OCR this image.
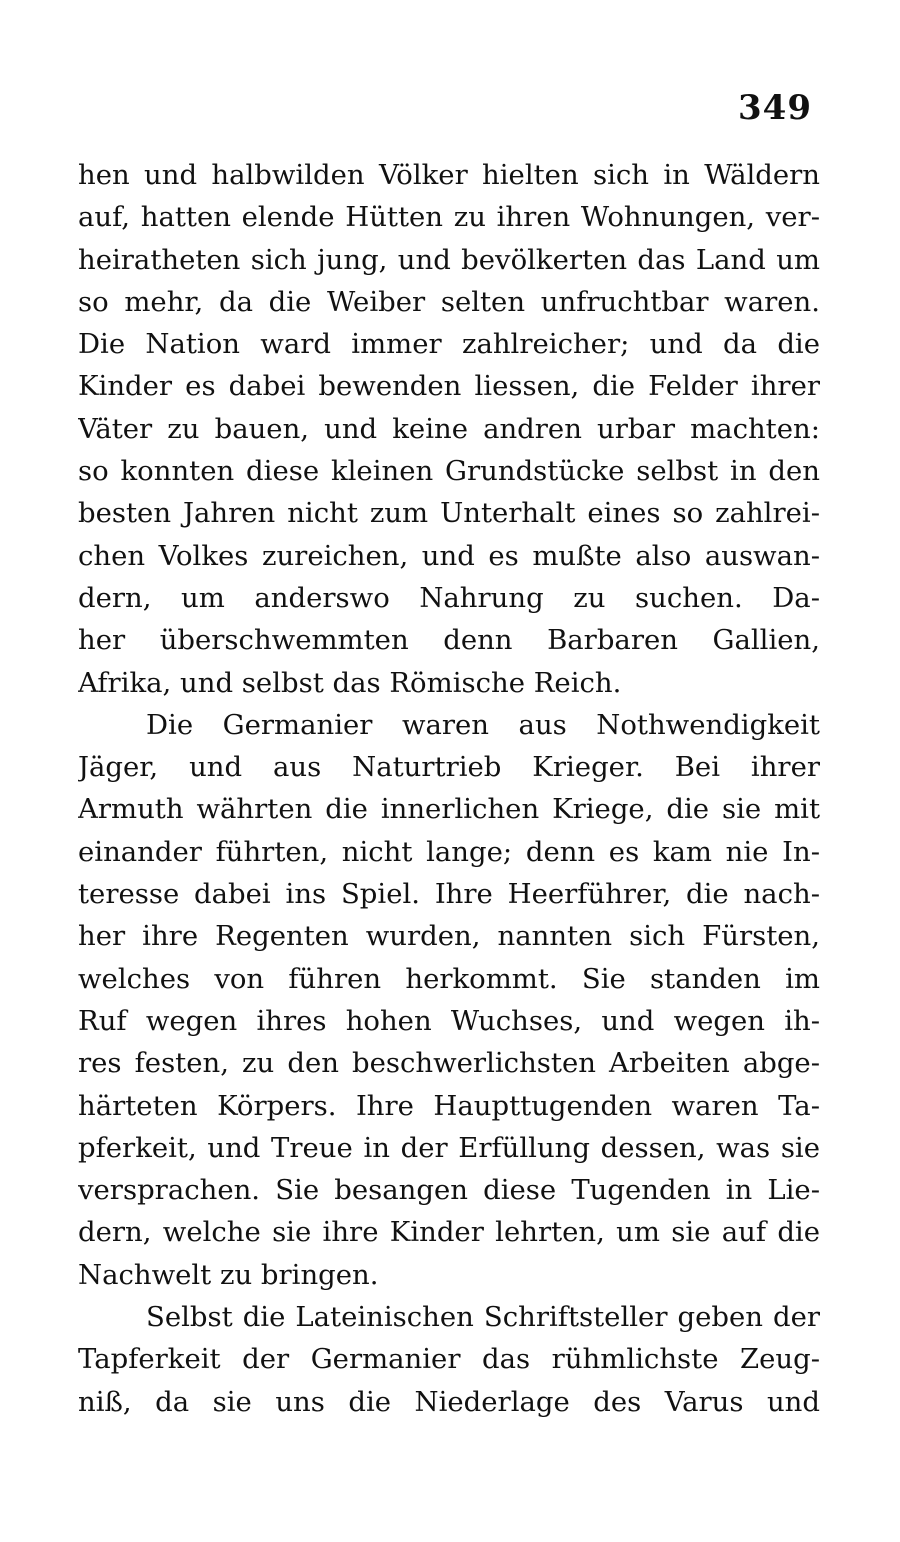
349
hen und halbwilden Völker hielten sich in Wäldern
auf, hatten elende Hütten zu ihren Wohnungen, ver-
heiratheten sich jung, und bevölkerten das Land um
so mehr, da die Weiber selten unfruchtbar waren.
Die Nation ward immer zahlreicher; und da die
Kinder es dabei bewenden liessen, die Felder ihrer
Väter zu bauen, und keine andren urbar machten:
so konnten diese kleinen Grundstücke selbst in den
besten Jahren nicht zum Unterhalt eines so zahlrei-
chen Volkes zureichen, und es mußte also auswan-
dern, um anderswo Nahrung zu suchen. Da-
her überschwemmten denn Barbaren Gallien,
Afrika, und selbst das Römische Reich.
Die Germanier waren aus Nothwendigkeit
Jäger, und aus Naturtrieb Krieger. Bei ihrer
Armuth währten die innerlichen Kriege, die sie mit
einander führten, nicht lange; denn es kam nie In-
teresse dabei ins Spiel. Ihre Heerführer, die nach-
her ihre Regenten wurden, nannten sich Fürsten,
welches von führen herkommt. Sie standen im
Ruf wegen ihres hohen Wuchses, und wegen ih-
res festen, zu den beschwerlichsten Arbeiten abge-
härteten Körpers. Ihre Haupttugenden waren Ta-
pferkeit, und Treue in der Erfüllung dessen, was sie
versprachen. Sie besangen diese Tugenden in Lie-
dern, welche sie ihre Kinder lehrten, um sie auf die
Nachwelt zu bringen.
Selbst die Lateinischen Schriftsteller geben der
Tapferkeit der Germanier das rühmlichste Zeug-
niß, da sie uns die Niederlage des Varus und
